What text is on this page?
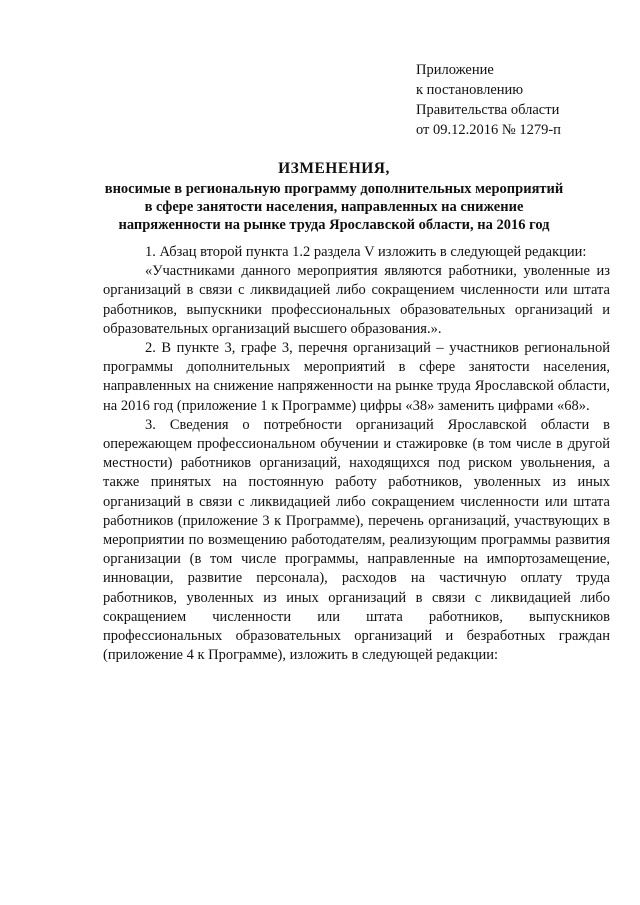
Приложение
к постановлению
Правительства области
от 09.12.2016 № 1279-п
ИЗМЕНЕНИЯ,
вносимые в региональную программу дополнительных мероприятий
в сфере занятости населения, направленных на снижение
напряженности на рынке труда Ярославской области, на 2016 год

1. Абзац второй пункта 1.2 раздела V изложить в следующей редакции:

«Участниками данного мероприятия являются работники, уволенные из организаций в связи с ликвидацией либо сокращением численности или штата работников, выпускники профессиональных образовательных организаций и образовательных организаций высшего образования.».

2. В пункте 3, графе 3, перечня организаций – участников региональной программы дополнительных мероприятий в сфере занятости населения, направленных на снижение напряженности на рынке труда Ярославской области, на 2016 год (приложение 1 к Программе) цифры «38» заменить цифрами «68».

3. Сведения о потребности организаций Ярославской области в опережающем профессиональном обучении и стажировке (в том числе в другой местности) работников организаций, находящихся под риском увольнения, а также принятых на постоянную работу работников, уволенных из иных организаций в связи с ликвидацией либо сокращением численности или штата работников (приложение 3 к Программе), перечень организаций, участвующих в мероприятии по возмещению работодателям, реализующим программы развития организации (в том числе программы, направленные на импортозамещение, инновации, развитие персонала), расходов на частичную оплату труда работников, уволенных из иных организаций в связи с ликвидацией либо сокращением численности или штата работников, выпускников профессиональных образовательных организаций и безработных граждан (приложение 4 к Программе), изложить в следующей редакции:
